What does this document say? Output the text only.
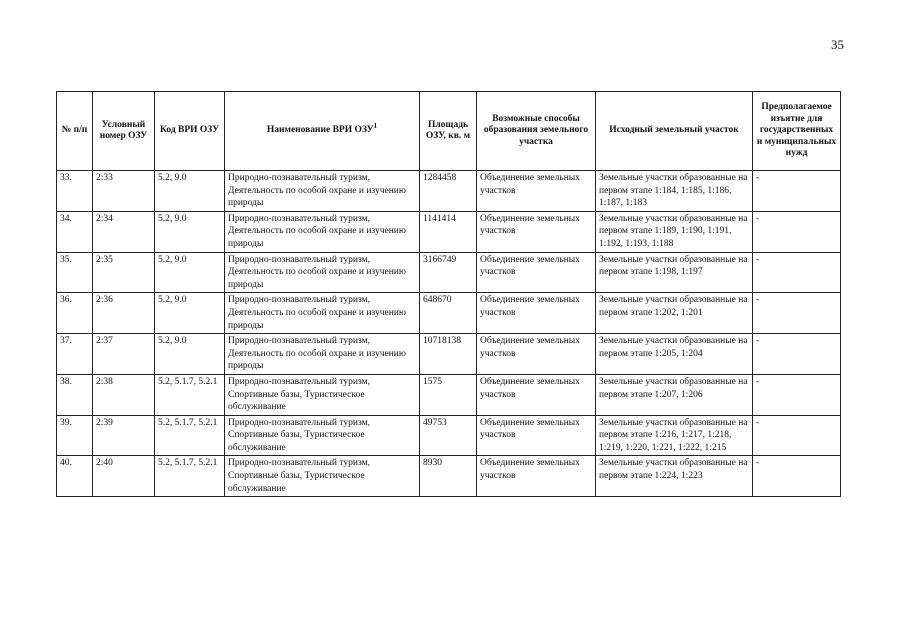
35
№ п/п	Условный номер ОЗУ	Код ВРИ ОЗУ	Наименование ВРИ ОЗУ$^1$	Площадь ОЗУ, кв. м	Возможные способы образования земельного участка	Исходный земельный участок	Предполагаемое изъятие для государственных и муниципальных нужд
33.	2:33	5.2, 9.0	Природно-познавательный туризм, Деятельность по особой охране и изучению природы	1284458	Объединение земельных участков	Земельные участки образованные на первом этапе 1:184, 1:185, 1:186, 1:187, 1:183	-
34.	2:34	5.2, 9.0	Природно-познавательный туризм, Деятельность по особой охране и изучению природы	1141414	Объединение земельных участков	Земельные участки образованные на первом этапе 1:189, 1:190, 1:191, 1:192, 1:193, 1:188	-
35.	2:35	5.2, 9.0	Природно-познавательный туризм, Деятельность по особой охране и изучению природы	3166749	Объединение земельных участков	Земельные участки образованные на первом этапе 1:198, 1:197	-
36.	2:36	5.2, 9.0	Природно-познавательный туризм, Деятельность по особой охране и изучению природы	648670	Объединение земельных участков	Земельные участки образованные на первом этапе 1:202, 1:201	-
37.	2:37	5.2, 9.0	Природно-познавательный туризм, Деятельность по особой охране и изучению природы	10718138	Объединение земельных участков	Земельные участки образованные на первом этапе 1:205, 1:204	-
38.	2:38	5.2, 5.1.7, 5.2.1	Природно-познавательный туризм, Спортивные базы, Туристическое обслуживание	1575	Объединение земельных участков	Земельные участки образованные на первом этапе 1:207, 1:206	-
39.	2:39	5.2, 5.1.7, 5.2.1	Природно-познавательный туризм, Спортивные базы, Туристическое обслуживание	49753	Объединение земельных участков	Земельные участки образованные на первом этапе 1:216, 1:217, 1:218, 1:219, 1:220, 1:221, 1:222, 1:215	-
40.	2:40	5.2, 5.1.7, 5.2.1	Природно-познавательный туризм, Спортивные базы, Туристическое обслуживание	8930	Объединение земельных участков	Земельные участки образованные на первом этапе 1:224, 1:223	-
